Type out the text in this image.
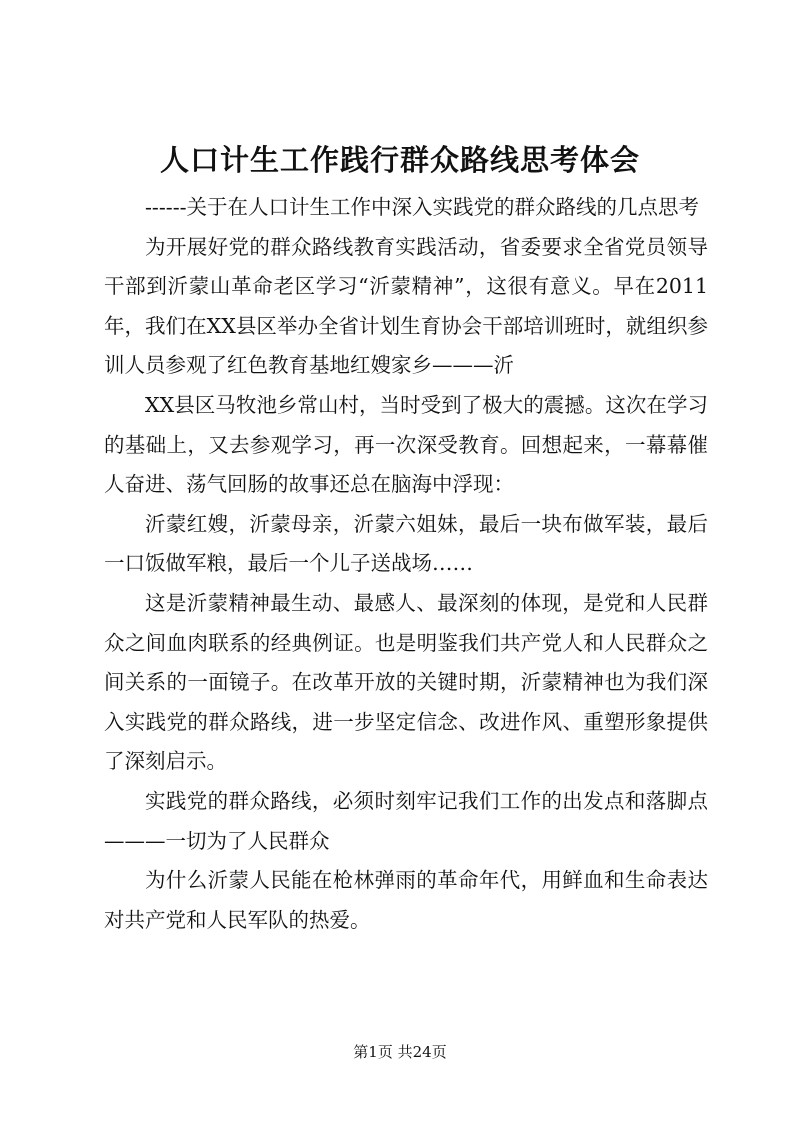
人口计生工作践行群众路线思考体会

------关于在人口计生工作中深入实践党的群众路线的几点思考

为开展好党的群众路线教育实践活动，省委要求全省党员领导干部到沂蒙山革命老区学习“沂蒙精神”，这很有意义。早在2011年，我们在XX县区举办全省计划生育协会干部培训班时，就组织参训人员参观了红色教育基地红嫂家乡———沂

XX县区马牧池乡常山村，当时受到了极大的震撼。这次在学习的基础上，又去参观学习，再一次深受教育。回想起来，一幕幕催人奋进、荡气回肠的故事还总在脑海中浮现：

沂蒙红嫂，沂蒙母亲，沂蒙六姐妹，最后一块布做军装，最后一口饭做军粮，最后一个儿子送战场……

这是沂蒙精神最生动、最感人、最深刻的体现，是党和人民群众之间血肉联系的经典例证。也是明鉴我们共产党人和人民群众之间关系的一面镜子。在改革开放的关键时期，沂蒙精神也为我们深入实践党的群众路线，进一步坚定信念、改进作风、重塑形象提供了深刻启示。

实践党的群众路线，必须时刻牢记我们工作的出发点和落脚点———一切为了人民群众

为什么沂蒙人民能在枪林弹雨的革命年代，用鲜血和生命表达对共产党和人民军队的热爱。

第1页 共24页
